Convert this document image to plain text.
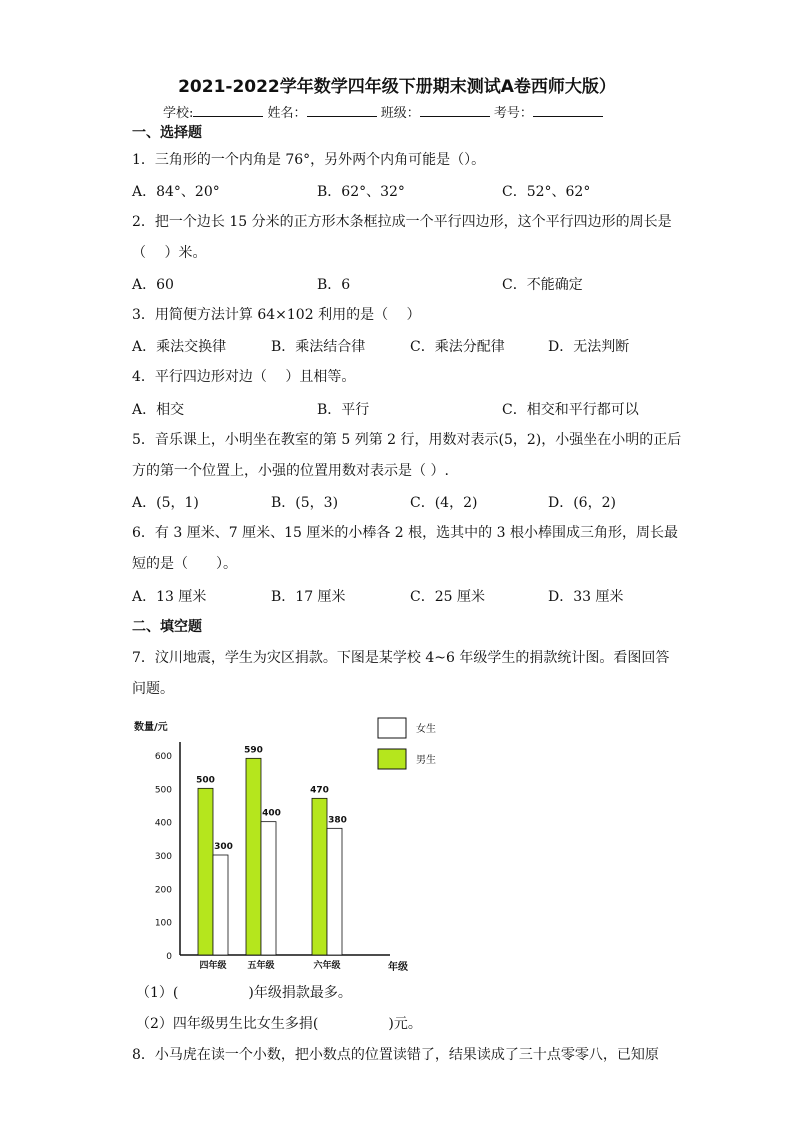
2021-2022学年数学四年级下册期末测试A卷西师大版）
学校:	姓名：	班级：	考号：
一、选择题
1．三角形的一个内角是 76°，另外两个内角可能是（）。
A．84°、20°	B．62°、32°	C．52°、62°
2．把一个边长 15 分米的正方形木条框拉成一个平行四边形，这个平行四边形的周长是
（　 ）米。
A．60	B．6	C．不能确定
3．用简便方法计算 64×102 利用的是（　 ）
A．乘法交换律	B．乘法结合律	C．乘法分配律	D．无法判断
4．平行四边形对边（　 ）且相等。
A．相交	B．平行	C．相交和平行都可以
5．音乐课上，小明坐在教室的第 5 列第 2 行，用数对表示(5，2)，小强坐在小明的正后
方的第一个位置上，小强的位置用数对表示是（ ）.
A．(5，1)	B．(5，3)	C．(4，2)	D．(6，2)
6．有 3 厘米、7 厘米、15 厘米的小棒各 2 根，选其中的 3 根小棒围成三角形，周长最
短的是（　　）。
A．13 厘米	B．17 厘米	C．25 厘米	D．33 厘米
二、填空题
7．汶川地震，学生为灾区捐款。下图是某学校 4~6 年级学生的捐款统计图。看图回答
问题。
数量/元
年级
0
100
200
300
400
500
600
500
300
590
400
470
380
四年级 五年级	六年级
女生
男生
（1）(　　　　　)年级捐款最多。
（2）四年级男生比女生多捐(　　　　　)元。
8．小马虎在读一个小数，把小数点的位置读错了，结果读成了三十点零零八，已知原
